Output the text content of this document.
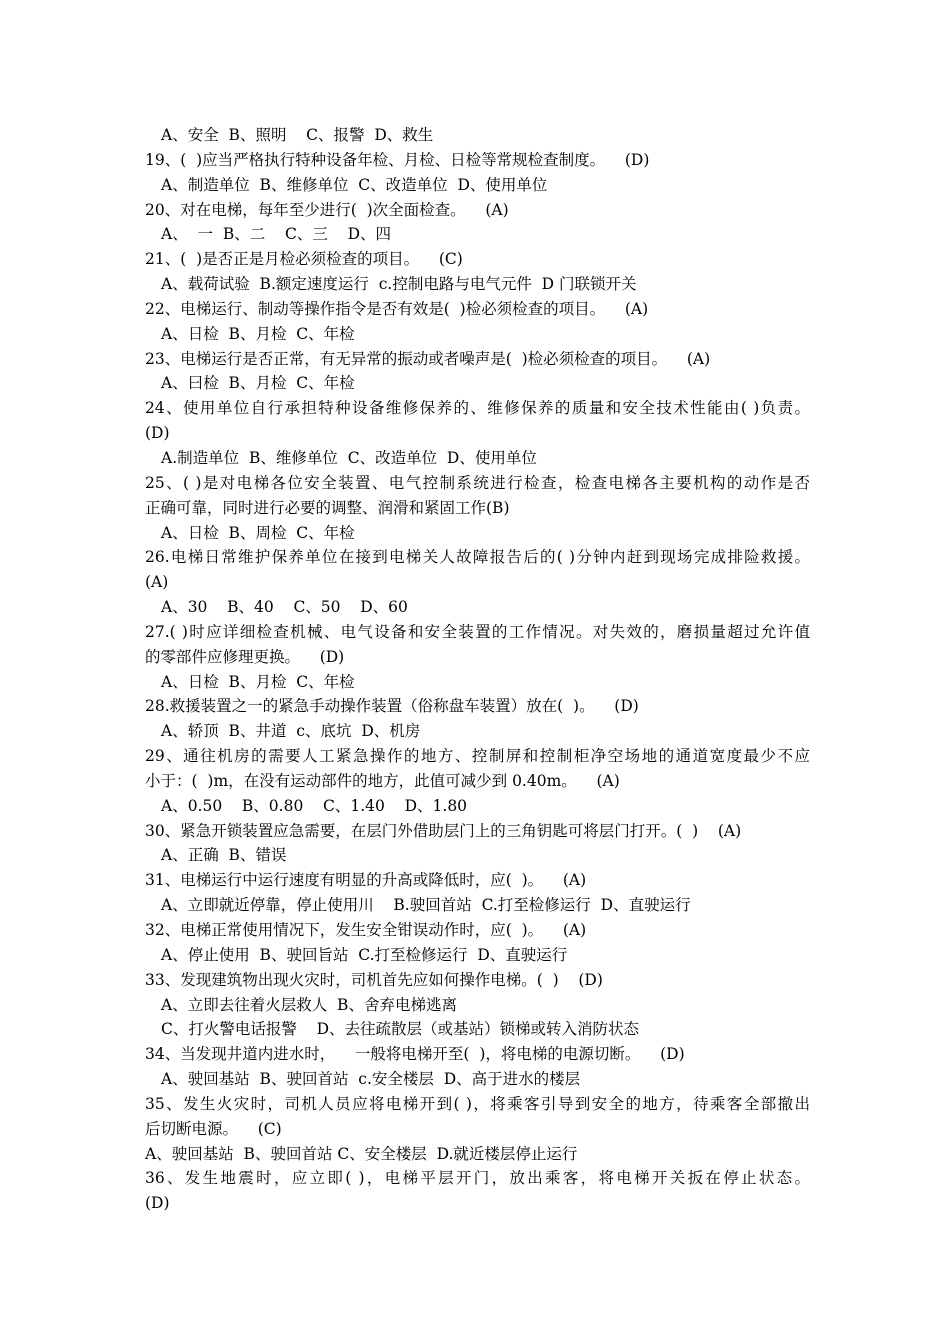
A、安全  B、照明    C、报警  D、救生
19、(  )应当严格执行特种设备年检、月检、日检等常规检查制度。    (D)
A、制造单位  B、维修单位  C、改造单位  D、使用单位
20、对在电梯，每年至少进行(  )次全面检查。    (A)
A、  一  B、二    C、三    D、四
21、(  )是否正是月检必须检查的项目。    (C)
A、载荷试验  B.额定速度运行  c.控制电路与电气元件  D 门联锁开关
22、电梯运行、制动等操作指令是否有效是(  )检必须检查的项目。    (A)
A、日检  B、月检  C、年检
23、电梯运行是否正常，有无异常的振动或者噪声是(  )检必须检查的项目。    (A)
A、曰检  B、月检  C、年检
24、使用单位自行承担特种设备维修保养的、维修保养的质量和安全技术性能由( )负责。
(D)
A.制造单位  B、维修单位  C、改造单位  D、使用单位
25、( )是对电梯各位安全装置、电气控制系统进行检查，检查电梯各主要机构的动作是否
正确可靠，同时进行必要的调整、润滑和紧固工作(B)
A、日检  B、周检  C、年检
26.电梯日常维护保养单位在接到电梯关人故障报告后的( )分钟内赶到现场完成排险救援。
(A)
A、30    B、40    C、50    D、60
27.( )时应详细检查机械、电气设备和安全装置的工作情况。对失效的，磨损量超过允许值
的零部件应修理更换。    (D)
A、日检  B、月检  C、年检
28.救援装置之一的紧急手动操作装置（俗称盘车装置）放在(  )。    (D)
A、轿顶  B、井道  c、底坑  D、机房
29、通往机房的需要人工紧急操作的地方、控制屏和控制柜净空场地的通道宽度最少不应
小于：(  )m，在没有运动部件的地方，此值可减少到 0.40m。    (A)
A、0.50    B、0.80    C、1.40    D、1.80
30、紧急开锁装置应急需要，在层门外借助层门上的三角钥匙可将层门打开。(  )    (A)
A、正确  B、错误
31、电梯运行中运行速度有明显的升高或降低时，应(  )。    (A)
A、立即就近停靠，停止使用川    B.驶回首站  C.打至检修运行  D、直驶运行
32、电梯正常使用情况下，发生安全钳误动作时，应(  )。    (A)
A、停止使用  B、驶回旨站  C.打至检修运行  D、直驶运行
33、发现建筑物出现火灾时，司机首先应如何操作电梯。(  )    (D)
A、立即去往着火层救人  B、舍弃电梯逃离
C、打火警电话报警    D、去往疏散层（或基站）锁梯或转入消防状态
34、当发现井道内进水时，    一般将电梯开至(  )，将电梯的电源切断。    (D)
A、驶回基站  B、驶回首站  c.安全楼层  D、高于进水的楼层
35、发生火灾时，司机人员应将电梯开到( )，将乘客引导到安全的地方，待乘客全部撤出
后切断电源。    (C)
A、驶回基站  B、驶回首站 C、安全楼层  D.就近楼层停止运行
36、发生地震时，应立即( )，电梯平层开门，放出乘客，将电梯开关扳在停止状态。
(D)
